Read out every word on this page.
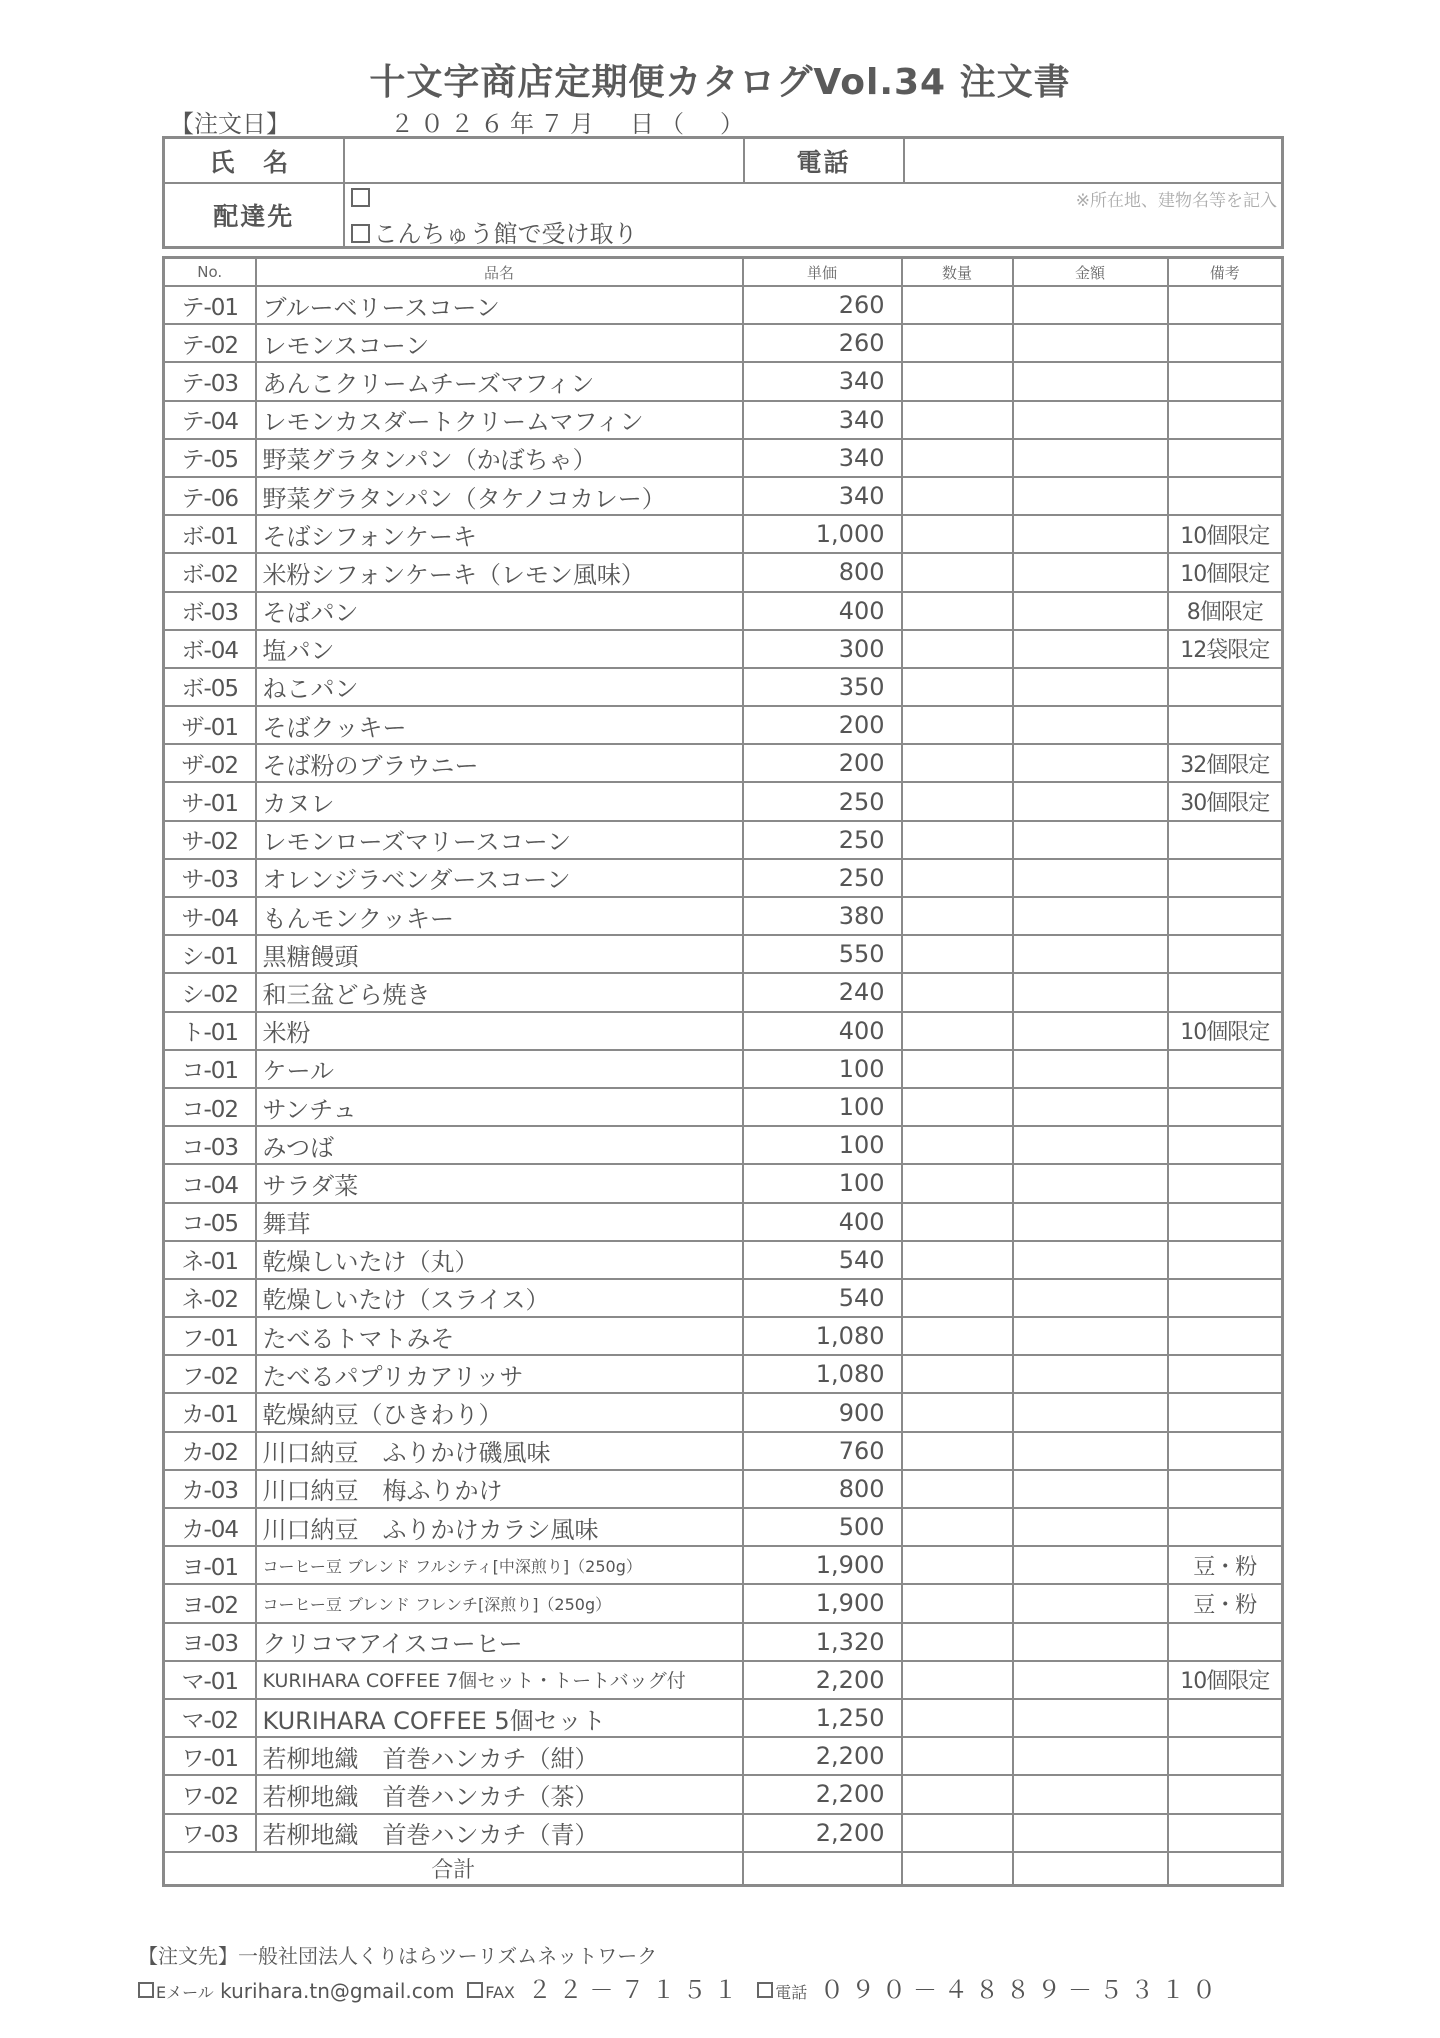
十文字商店定期便カタログVol.34 注文書
【注文日】	２０２６年７月　日（　）
氏 名		電話	
配達先	こんちゅう館で受け取り
※所在地、建物名等を記入		
No.	品名	単価	数量	金額	備考
テ-01	ブルーベリースコーン	260			
テ-02	レモンスコーン	260			
テ-03	あんこクリームチーズマフィン	340			
テ-04	レモンカスダートクリームマフィン	340			
テ-05	野菜グラタンパン（かぼちゃ）	340			
テ-06	野菜グラタンパン（タケノコカレー）	340			
ボ-01	そばシフォンケーキ	1,000			10個限定
ボ-02	米粉シフォンケーキ（レモン風味）	800			10個限定
ボ-03	そばパン	400			8個限定
ボ-04	塩パン	300			12袋限定
ボ-05	ねこパン	350			
ザ-01	そばクッキー	200			
ザ-02	そば粉のブラウニー	200			32個限定
サ-01	カヌレ	250			30個限定
サ-02	レモンローズマリースコーン	250			
サ-03	オレンジラベンダースコーン	250			
サ-04	もんモンクッキー	380			
シ-01	黒糖饅頭	550			
シ-02	和三盆どら焼き	240			
ト-01	米粉	400			10個限定
コ-01	ケール	100			
コ-02	サンチュ	100			
コ-03	みつば	100			
コ-04	サラダ菜	100			
コ-05	舞茸	400			
ネ-01	乾燥しいたけ（丸）	540			
ネ-02	乾燥しいたけ（スライス）	540			
フ-01	たべるトマトみそ	1,080			
フ-02	たべるパプリカアリッサ	1,080			
カ-01	乾燥納豆（ひきわり）	900			
カ-02	川口納豆　ふりかけ磯風味	760			
カ-03	川口納豆　梅ふりかけ	800			
カ-04	川口納豆　ふりかけカラシ風味	500			
ヨ-01	コーヒー豆 ブレンド フルシティ[中深煎り]（250g）	1,900			豆・粉
ヨ-02	コーヒー豆 ブレンド フレンチ[深煎り]（250g）	1,900			豆・粉
ヨ-03	クリコマアイスコーヒー	1,320			
マ-01	KURIHARA COFFEE 7個セット・トートバッグ付	2,200			10個限定
マ-02	KURIHARA COFFEE 5個セット	1,250			
ワ-01	若柳地織　首巻ハンカチ（紺）	2,200			
ワ-02	若柳地織　首巻ハンカチ（茶）	2,200			
ワ-03	若柳地織　首巻ハンカチ（青）	2,200			
合計					
【注文先】一般社団法人くりはらツーリズムネットワーク
Eメール kurihara.tn@gmail.com FAX ２２－７１５１ 電話 ０９０－４８８９－５３１０
